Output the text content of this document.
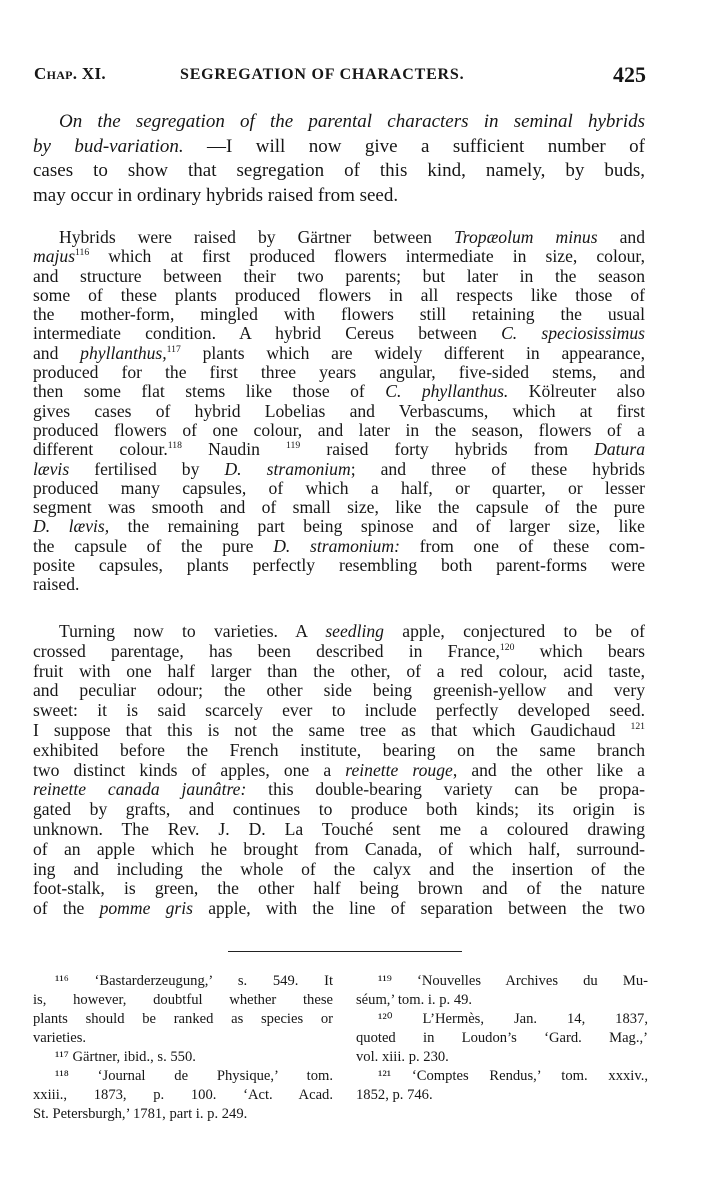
Chap. XI.	SEGREGATION OF CHARACTERS.	425
On the segregation of the parental characters in seminal hybrids
by bud-variation. —I will now give a sufficient number of
cases to show that segregation of this kind, namely, by buds,
may occur in ordinary hybrids raised from seed.
Hybrids were raised by Gärtner between Tropæolum minus and
majus$^{116}$ which at first produced flowers intermediate in size, colour,
and structure between their two parents; but later in the season
some of these plants produced flowers in all respects like those of
the mother-form, mingled with flowers still retaining the usual
intermediate condition. A hybrid Cereus between C. speciosissimus
and phyllanthus,$^{117}$ plants which are widely different in appearance,
produced for the first three years angular, five-sided stems, and
then some flat stems like those of C. phyllanthus. Kölreuter also
gives cases of hybrid Lobelias and Verbascums, which at first
produced flowers of one colour, and later in the season, flowers of a
different colour.$^{118}$ Naudin $^{119}$ raised forty hybrids from Datura
lævis fertilised by D. stramonium; and three of these hybrids
produced many capsules, of which a half, or quarter, or lesser
segment was smooth and of small size, like the capsule of the pure
D. lævis, the remaining part being spinose and of larger size, like
the capsule of the pure D. stramonium: from one of these com-
posite capsules, plants perfectly resembling both parent-forms were
raised.
Turning now to varieties. A seedling apple, conjectured to be of
crossed parentage, has been described in France,$^{120}$ which bears
fruit with one half larger than the other, of a red colour, acid taste,
and peculiar odour; the other side being greenish-yellow and very
sweet: it is said scarcely ever to include perfectly developed seed.
I suppose that this is not the same tree as that which Gaudichaud $^{121}$
exhibited before the French institute, bearing on the same branch
two distinct kinds of apples, one a reinette rouge, and the other like a
reinette canada jaunâtre: this double-bearing variety can be propa-
gated by grafts, and continues to produce both kinds; its origin is
unknown. The Rev. J. D. La Touché sent me a coloured drawing
of an apple which he brought from Canada, of which half, surround-
ing and including the whole of the calyx and the insertion of the
foot-stalk, is green, the other half being brown and of the nature
of the pomme gris apple, with the line of separation between the two
¹¹⁶ ‘Bastarderzeugung,’ s. 549. It
is, however, doubtful whether these
plants should be ranked as species or
varieties.
¹¹⁷ Gärtner, ibid., s. 550.
¹¹⁸ ‘Journal de Physique,’ tom.
xxiii., 1873, p. 100. ‘Act. Acad.
St. Petersburgh,’ 1781, part i. p. 249.
¹¹⁹ ‘Nouvelles Archives du Mu-
séum,’ tom. i. p. 49.
¹²⁰ L’Hermès, Jan. 14, 1837,
quoted in Loudon’s ‘Gard. Mag.,’
vol. xiii. p. 230.
¹²¹ ‘Comptes Rendus,’ tom. xxxiv.,
1852, p. 746.
